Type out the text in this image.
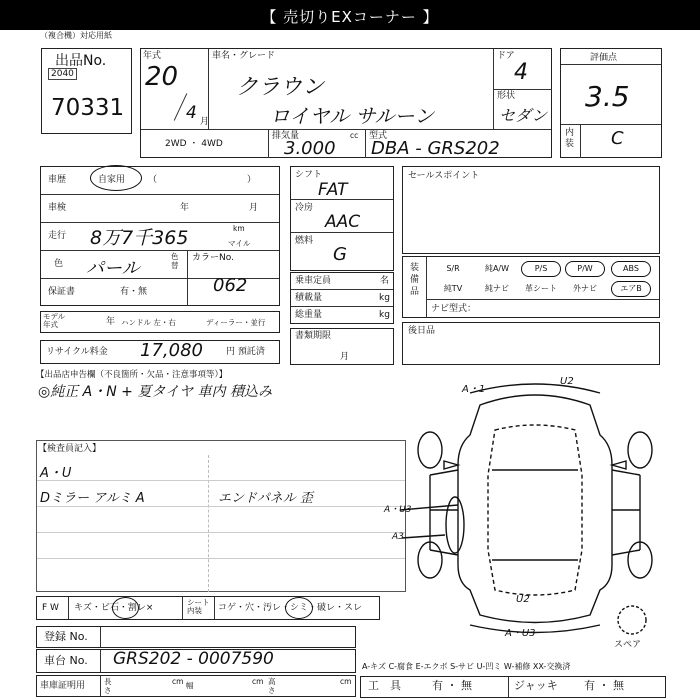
【 売切りEXコーナー 】
（複合機）対応用紙
出品No.
2040
70331
年式
20
4 月
車名・グレード
クラウン
ロイヤル サルーン
ドア
4
形状
セダン
2WD ・ 4WD
排気量	cc
3.000
型式
DBA - GRS202
評価点
3.5
内装 C
車歴	自家用	（　　　　　　　　　　）
車検	年	月
走行 8万7千365	km
マイル
色 パール
色替
カラーNo.
062
保証書	有・無
モデル年式	年 ハンドル 左・右	ディーラー・並行
リサイクル料金 17,080	円 預託済
シフト
FAT
冷房
AAC
燃料
G
乗車定員	名
積載量	kg
総重量	kg
書類期限
月
セールスポイント
装備品
S/R	純A/W	P/S	P/W	ABS
純TV	純ナビ	革シート	外ナビ	エアB
ナビ型式：
後日品
【出品店申告欄（不良箇所・欠品・注意事項等）】
◎純正 A・N + 夏タイヤ 車内 積込み
【検査員記入】
A・U
Dミラー アルミ A	エンドパネル 歪
A・1
U2
A・U3
A3
U2
A・U3
スペア
F W キズ・ビ石・割レ×
シート内装	コゲ・穴・汚レ・シミ・破レ・スレ
登録 No.
車台 No. GRS202 - 0007590
車庫証明用	長さ
cm 幅	cm 高さ
cm
A-キズ C-腐食 E-エクボ S-サビ U-凹ミ W-補修 XX-交換済
工　具	有 ・ 無	ジャッキ 有 ・ 無
